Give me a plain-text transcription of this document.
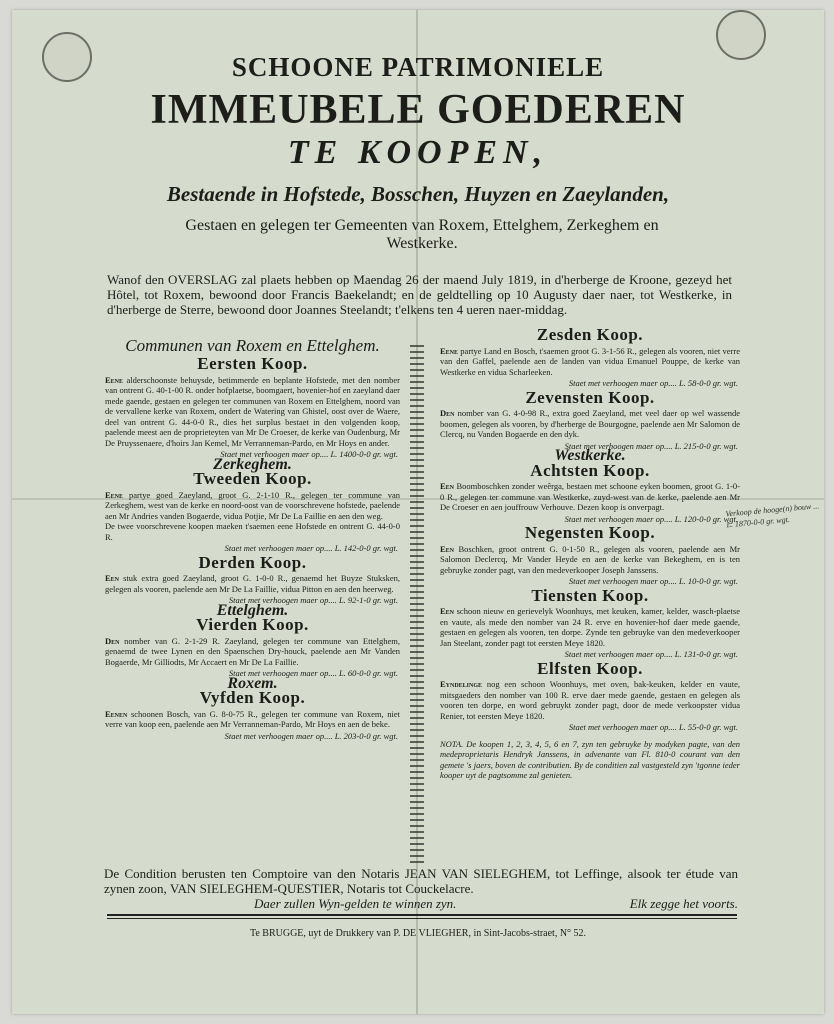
SCHOONE PATRIMONIELE
IMMEUBELE GOEDEREN
TE KOOPEN,
Bestaende in Hofstede, Bosschen, Huyzen en Zaeylanden,
Gestaen en gelegen ter Gemeenten van Roxem, Ettelghem, Zerkeghem en Westkerke.
Wanof den OVERSLAG zal plaets hebben op Maendag 26 der maend July 1819, in d'herberge de Kroone, gezeyd het Hôtel, tot Roxem, bewoond door Francis Baekelandt; en de geldtelling op 10 Augusty daer naer, tot Westkerke, in d'herberge de Sterre, bewoond door Joannes Steelandt; t'elkens ten 4 ueren naer-middag.
Communen van Roxem en Ettelghem.
Eersten Koop.
Eene alderschoonste behuysde, betimmerde en beplante Hofstede, met den nomber van ontrent G. 40-1-00 R. onder hofplaetse, boomgaert, hovenier-hof en zaeyland daer mede gaende, gestaen en gelegen ter communen van Roxem en Ettelghem, noord van de vervallene kerke van Roxem, ondert de Watering van Ghistel, oost over de Waere, deel van ontrent G. 44-0-0 R., dies het surplus bestaet in den volgenden koop, paelende meest aen de proprieteyten van Mr De Croeser, de kerke van Oudenburg, Mr De Pruyssenaere, d'hoirs Jan Kemel, Mr Verranneman-Pardo, en Mr Hoys en ander.
Staet met verhoogen maer op.... L. 1400-0-0 gr. wgt.
Zerkeghem.
Tweeden Koop.
Eene partye goed Zaeyland, groot G. 2-1-10 R., gelegen ter commune van Zerkeghem, west van de kerke en noord-oost van de voorschrevene hofstede, paelende aen Mr Andries vanden Bogaerde, vidua Potjie, Mr De La Faillie en aen den weg.
De twee voorschrevene koopen maeken t'saemen eene Hofstede en ontrent G. 44-0-0 R.
Staet met verhoogen maer op.... L. 142-0-0 gr. wgt.
Derden Koop.
Een stuk extra goed Zaeyland, groot G. 1-0-0 R., genaemd het Buyze Stuksken, gelegen als vooren, paelende aen Mr De La Faillie, vidua Pitton en aen den heerweg.
Staet met verhoogen maer op.... L. 92-1-0 gr. wgt.
Ettelghem.
Vierden Koop.
Den nomber van G. 2-1-29 R. Zaeyland, gelegen ter commune van Ettelghem, genaemd de twee Lynen en den Spaenschen Dry-houck, paelende aen Mr Vanden Bogaerde, Mr Gilliodts, Mr Accaert en Mr De La Faillie.
Staet met verhoogen maer op.... L. 60-0-0 gr. wgt.
Roxem.
Vyfden Koop.
Eenen schoonen Bosch, van G. 8-0-75 R., gelegen ter commune van Roxem, niet verre van koop een, paelende aen Mr Verranneman-Pardo, Mr Hoys en aen de beke.
Staet met verhoogen maer op.... L. 203-0-0 gr. wgt.
Zesden Koop.
Eene partye Land en Bosch, t'saemen groot G. 3-1-56 R., gelegen als vooren, niet verre van den Gaffel, paelende aen de landen van vidua Emanuel Pouppe, de kerke van Westkerke en vidua Scharleeken.
Staet met verhoogen maer op.... L. 58-0-0 gr. wgt.
Zevensten Koop.
Den nomber van G. 4-0-98 R., extra goed Zaeyland, met veel daer op wel wassende boomen, gelegen als vooren, by d'herberge de Bourgogne, paelende aen Mr Salomon de Clercq, nu Vanden Bogaerde en den dyk.
Staet met verhoogen maer op.... L. 215-0-0 gr. wgt.
Westkerke.
Achtsten Koop.
Een Boomboschken zonder weêrga, bestaen met schoone eyken boomen, groot G. 1-0-0 R., gelegen ter commune van Westkerke, zuyd-west van de kerke, paelende aen Mr De Croeser en aen jouffrouw Verhouve. Dezen koop is onverpagt.
Staet met verhoogen maer op.... L. 120-0-0 gr. wgt.
Negensten Koop.
Een Boschken, groot ontrent G. 0-1-50 R., gelegen als vooren, paelende aen Mr Salomon Declercq, Mr Vander Heyde en aen de kerke van Bekeghem, en is ten gebruyke zonder pagt, van den medeverkooper Joseph Janssens.
Staet met verhoogen maer op.... L. 10-0-0 gr. wgt.
Tiensten Koop.
Een schoon nieuw en gerievelyk Woonhuys, met keuken, kamer, kelder, wasch-plaetse en vaute, als mede den nomber van 24 R. erve en hovenier-hof daer mede gaende, gestaen en gelegen als vooren, ten dorpe. Zynde ten gebruyke van den medeverkooper Jan Steelant, zonder pagt tot eersten Meye 1820.
Staet met verhoogen maer op.... L. 131-0-0 gr. wgt.
Elfsten Koop.
Eyndelinge nog een schoon Woonhuys, met oven, bak-keuken, kelder en vaute, mitsgaeders den nomber van 100 R. erve daer mede gaende, gestaen en gelegen als vooren ten dorpe, en word gebruykt zonder pagt, door de mede verkoopster vidua Renier, tot eersten Meye 1820.
Staet met verhoogen maer op.... L. 55-0-0 gr. wgt.
NOTA. De koopen 1, 2, 3, 4, 5, 6 en 7, zyn ten gebruyke by modyken pagte, van den medeproprietaris Hendryk Janssens, in advenante van Fl. 810-0 courant van den gemete 's jaers, boven de contributien. By de conditien zal vastgesteld zyn 'tgonne ieder kooper uyt de pagtsomme zal genieten.
Verkoop de hooge(n) bouw ... L. 1870-0-0 gr. wgt.
De Condition berusten ten Comptoire van den Notaris JEAN VAN SIELEGHEM, tot Leffinge, alsook ter étude van zynen zoon, VAN SIELEGHEM-QUESTIER, Notaris tot Couckelacre.
Daer zullen Wyn-gelden te winnen zyn.	Elk zegge het voorts.
Te BRUGGE, uyt de Drukkery van P. DE VLIEGHER, in Sint-Jacobs-straet, N° 52.
